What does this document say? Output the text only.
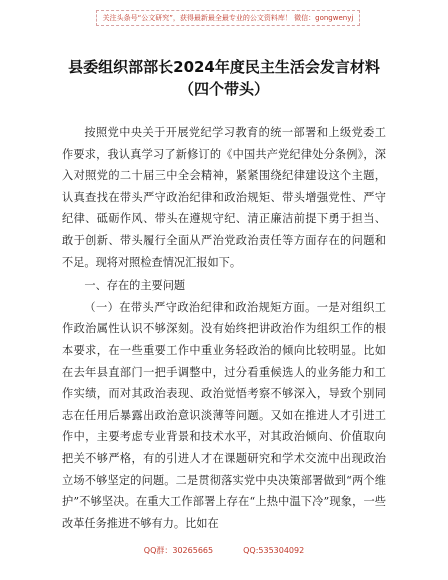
关注头条号“公文研究”，获得最新最全最专业的公文资料库！ 微信：gongwenyj
县委组织部部长2024年度民主生活会发言材料
（四个带头）

按照党中央关于开展党纪学习教育的统一部署和上级党委工作要求，我认真学习了新修订的《中国共产党纪律处分条例》，深入对照党的二十届三中全会精神，紧紧围绕纪律建设这个主题，认真查找在带头严守政治纪律和政治规矩、带头增强党性、严守纪律、砥砺作风、带头在遵规守纪、清正廉洁前提下勇于担当、敢于创新、带头履行全面从严治党政治责任等方面存在的问题和不足。现将对照检查情况汇报如下。

一、存在的主要问题

（一）在带头严守政治纪律和政治规矩方面。一是对组织工作政治属性认识不够深刻。没有始终把讲政治作为组织工作的根本要求，在一些重要工作中重业务轻政治的倾向比较明显。比如在去年县直部门一把手调整中，过分看重候选人的业务能力和工作实绩，而对其政治表现、政治觉悟考察不够深入，导致个别同志在任用后暴露出政治意识淡薄等问题。又如在推进人才引进工作中，主要考虑专业背景和技术水平，对其政治倾向、价值取向把关不够严格，有的引进人才在课题研究和学术交流中出现政治立场不够坚定的问题。二是贯彻落实党中央决策部署做到“两个维护”不够坚决。在重大工作部署上存在“上热中温下冷”现象，一些改革任务推进不够有力。比如在

QQ群：30265665	QQ:535304092
